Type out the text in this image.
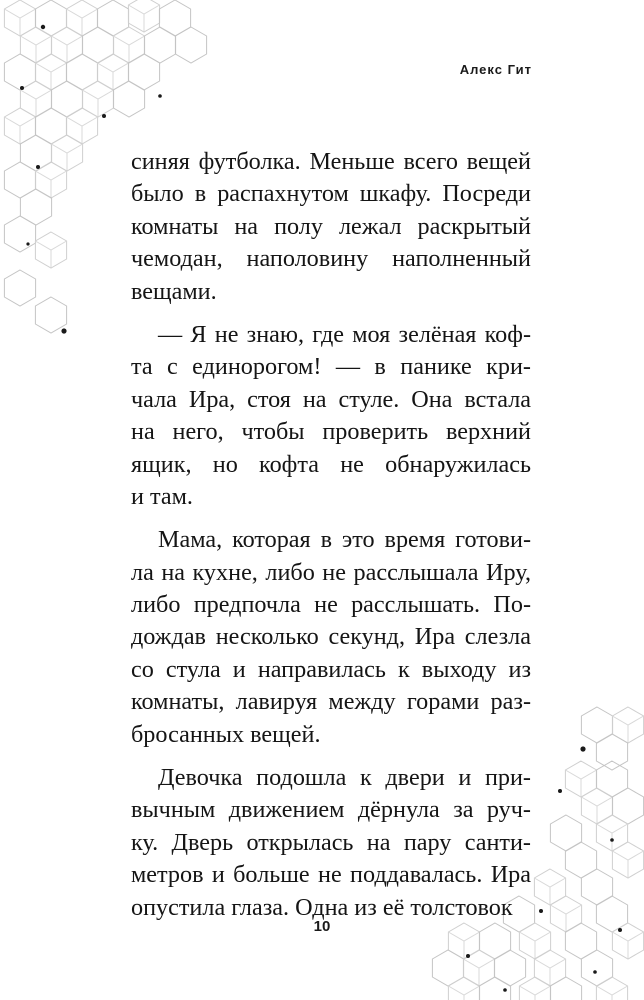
Алекс Гит
синяя футболка. Меньше всего вещей
было в распахнутом шкафу. Посреди
комнаты на полу лежал раскрытый
чемодан, наполовину наполненный
вещами.
— Я не знаю, где моя зелёная коф-
та с единорогом! — в панике кри-
чала Ира, стоя на стуле. Она встала
на него, чтобы проверить верхний
ящик, но кофта не обнаружилась
и там.
Мама, которая в это время готови-
ла на кухне, либо не расслышала Иру,
либо предпочла не расслышать. По-
дождав несколько секунд, Ира слезла
со стула и направилась к выходу из
комнаты, лавируя между горами раз-
бросанных вещей.
Девочка подошла к двери и при-
вычным движением дёрнула за руч-
ку. Дверь открылась на пару санти-
метров и больше не поддавалась. Ира
опустила глаза. Одна из её толстовок
10
